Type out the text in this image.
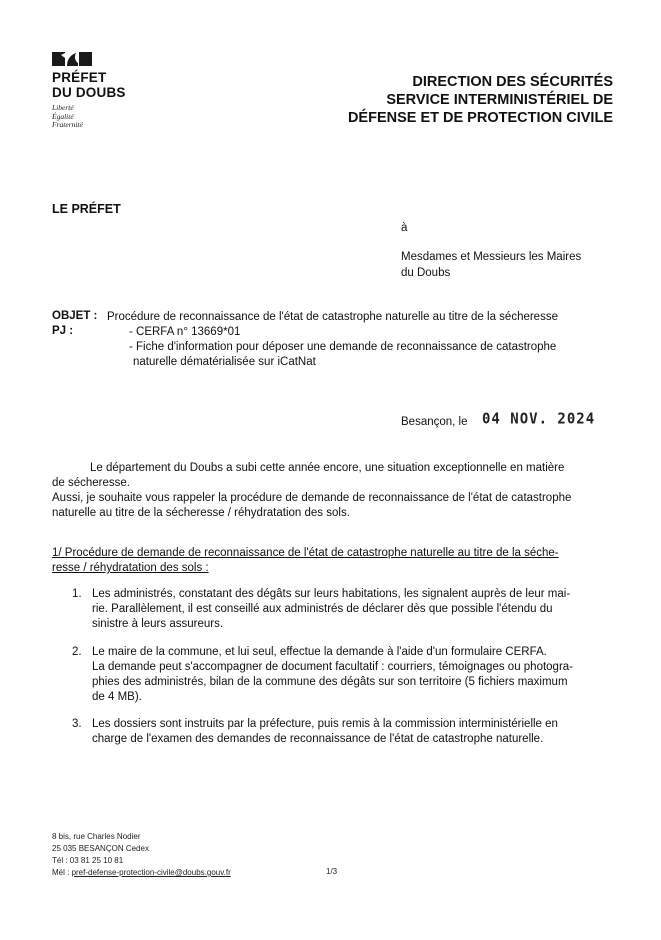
PRÉFET
DU DOUBS
Liberté
Égalité
Fraternité
DIRECTION DES SÉCURITÉS
SERVICE INTERMINISTÉRIEL DE
DÉFENSE ET DE PROTECTION CIVILE
LE PRÉFET
à
Mesdames et Messieurs les Maires
du Doubs
OBJET : Procédure de reconnaissance de l'état de catastrophe naturelle au titre de la sécheresse
PJ :	- CERFA n° 13669*01
- Fiche d'information pour déposer une demande de reconnaissance de catastrophe
naturelle dématérialisée sur iCatNat
Besançon, le 04 NOV. 2024
Le département du Doubs a subi cette année encore, une situation exceptionnelle en matière
de sécheresse.
Aussi, je souhaite vous rappeler la procédure de demande de reconnaissance de l'état de catastrophe
naturelle au titre de la sécheresse / réhydratation des sols.
1/ Procédure de demande de reconnaissance de l'état de catastrophe naturelle au titre de la séche-
resse / réhydratation des sols :
1. Les administrés, constatant des dégâts sur leurs habitations, les signalent auprès de leur mai-
rie. Parallèlement, il est conseillé aux administrés de déclarer dès que possible l'étendu du
sinistre à leurs assureurs.
2. Le maire de la commune, et lui seul, effectue la demande à l'aide d'un formulaire CERFA.
La demande peut s'accompagner de document facultatif : courriers, témoignages ou photogra-
phies des administrés, bilan de la commune des dégâts sur son territoire (5 fichiers maximum
de 4 MB).
3. Les dossiers sont instruits par la préfecture, puis remis à la commission interministérielle en
charge de l'examen des demandes de reconnaissance de l'état de catastrophe naturelle.
8 bis, rue Charles Nodier
25 035 BESANÇON Cedex
Tél : 03 81 25 10 81
Mél : pref-defense-protection-civile@doubs.gouv.fr	1/3
